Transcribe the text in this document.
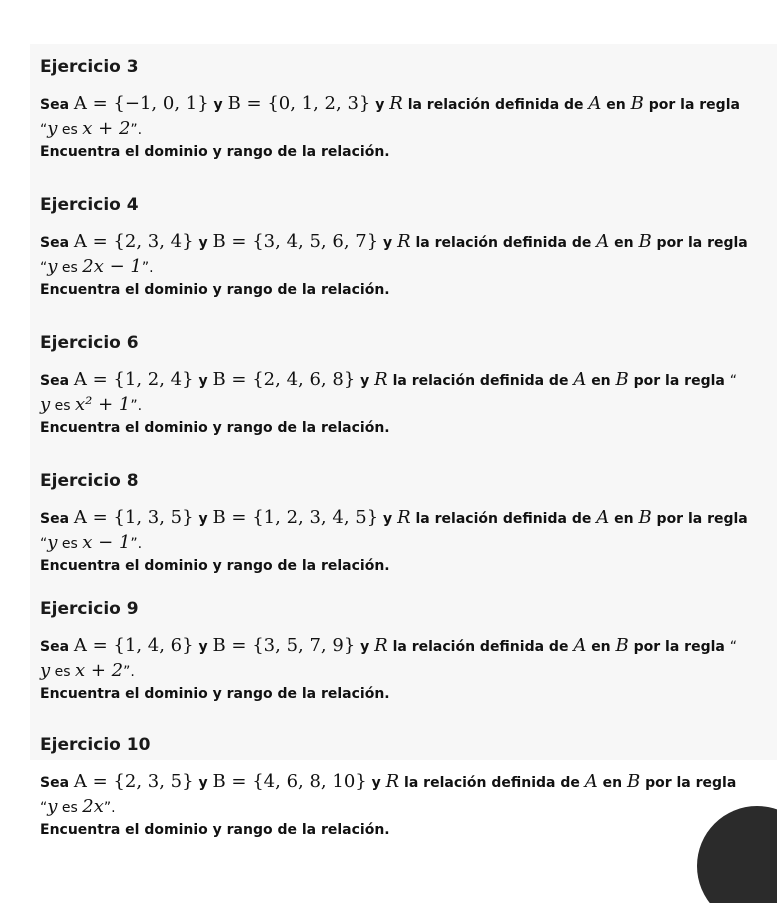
Ejercicio 3
Sea A = {−1, 0, 1} y B = {0, 1, 2, 3} y R la relación definida de A en B por la regla
“y es x + 2”.
Encuentra el dominio y rango de la relación.
Ejercicio 4
Sea A = {2, 3, 4} y B = {3, 4, 5, 6, 7} y R la relación definida de A en B por la regla
“y es 2x − 1”.
Encuentra el dominio y rango de la relación.
Ejercicio 6
Sea A = {1, 2, 4} y B = {2, 4, 6, 8} y R la relación definida de A en B por la regla “
y es x² + 1”.
Encuentra el dominio y rango de la relación.
Ejercicio 8
Sea A = {1, 3, 5} y B = {1, 2, 3, 4, 5} y R la relación definida de A en B por la regla
“y es x − 1”.
Encuentra el dominio y rango de la relación.
Ejercicio 9
Sea A = {1, 4, 6} y B = {3, 5, 7, 9} y R la relación definida de A en B por la regla “
y es x + 2”.
Encuentra el dominio y rango de la relación.
Ejercicio 10
Sea A = {2, 3, 5} y B = {4, 6, 8, 10} y R la relación definida de A en B por la regla
“y es 2x”.
Encuentra el dominio y rango de la relación.
